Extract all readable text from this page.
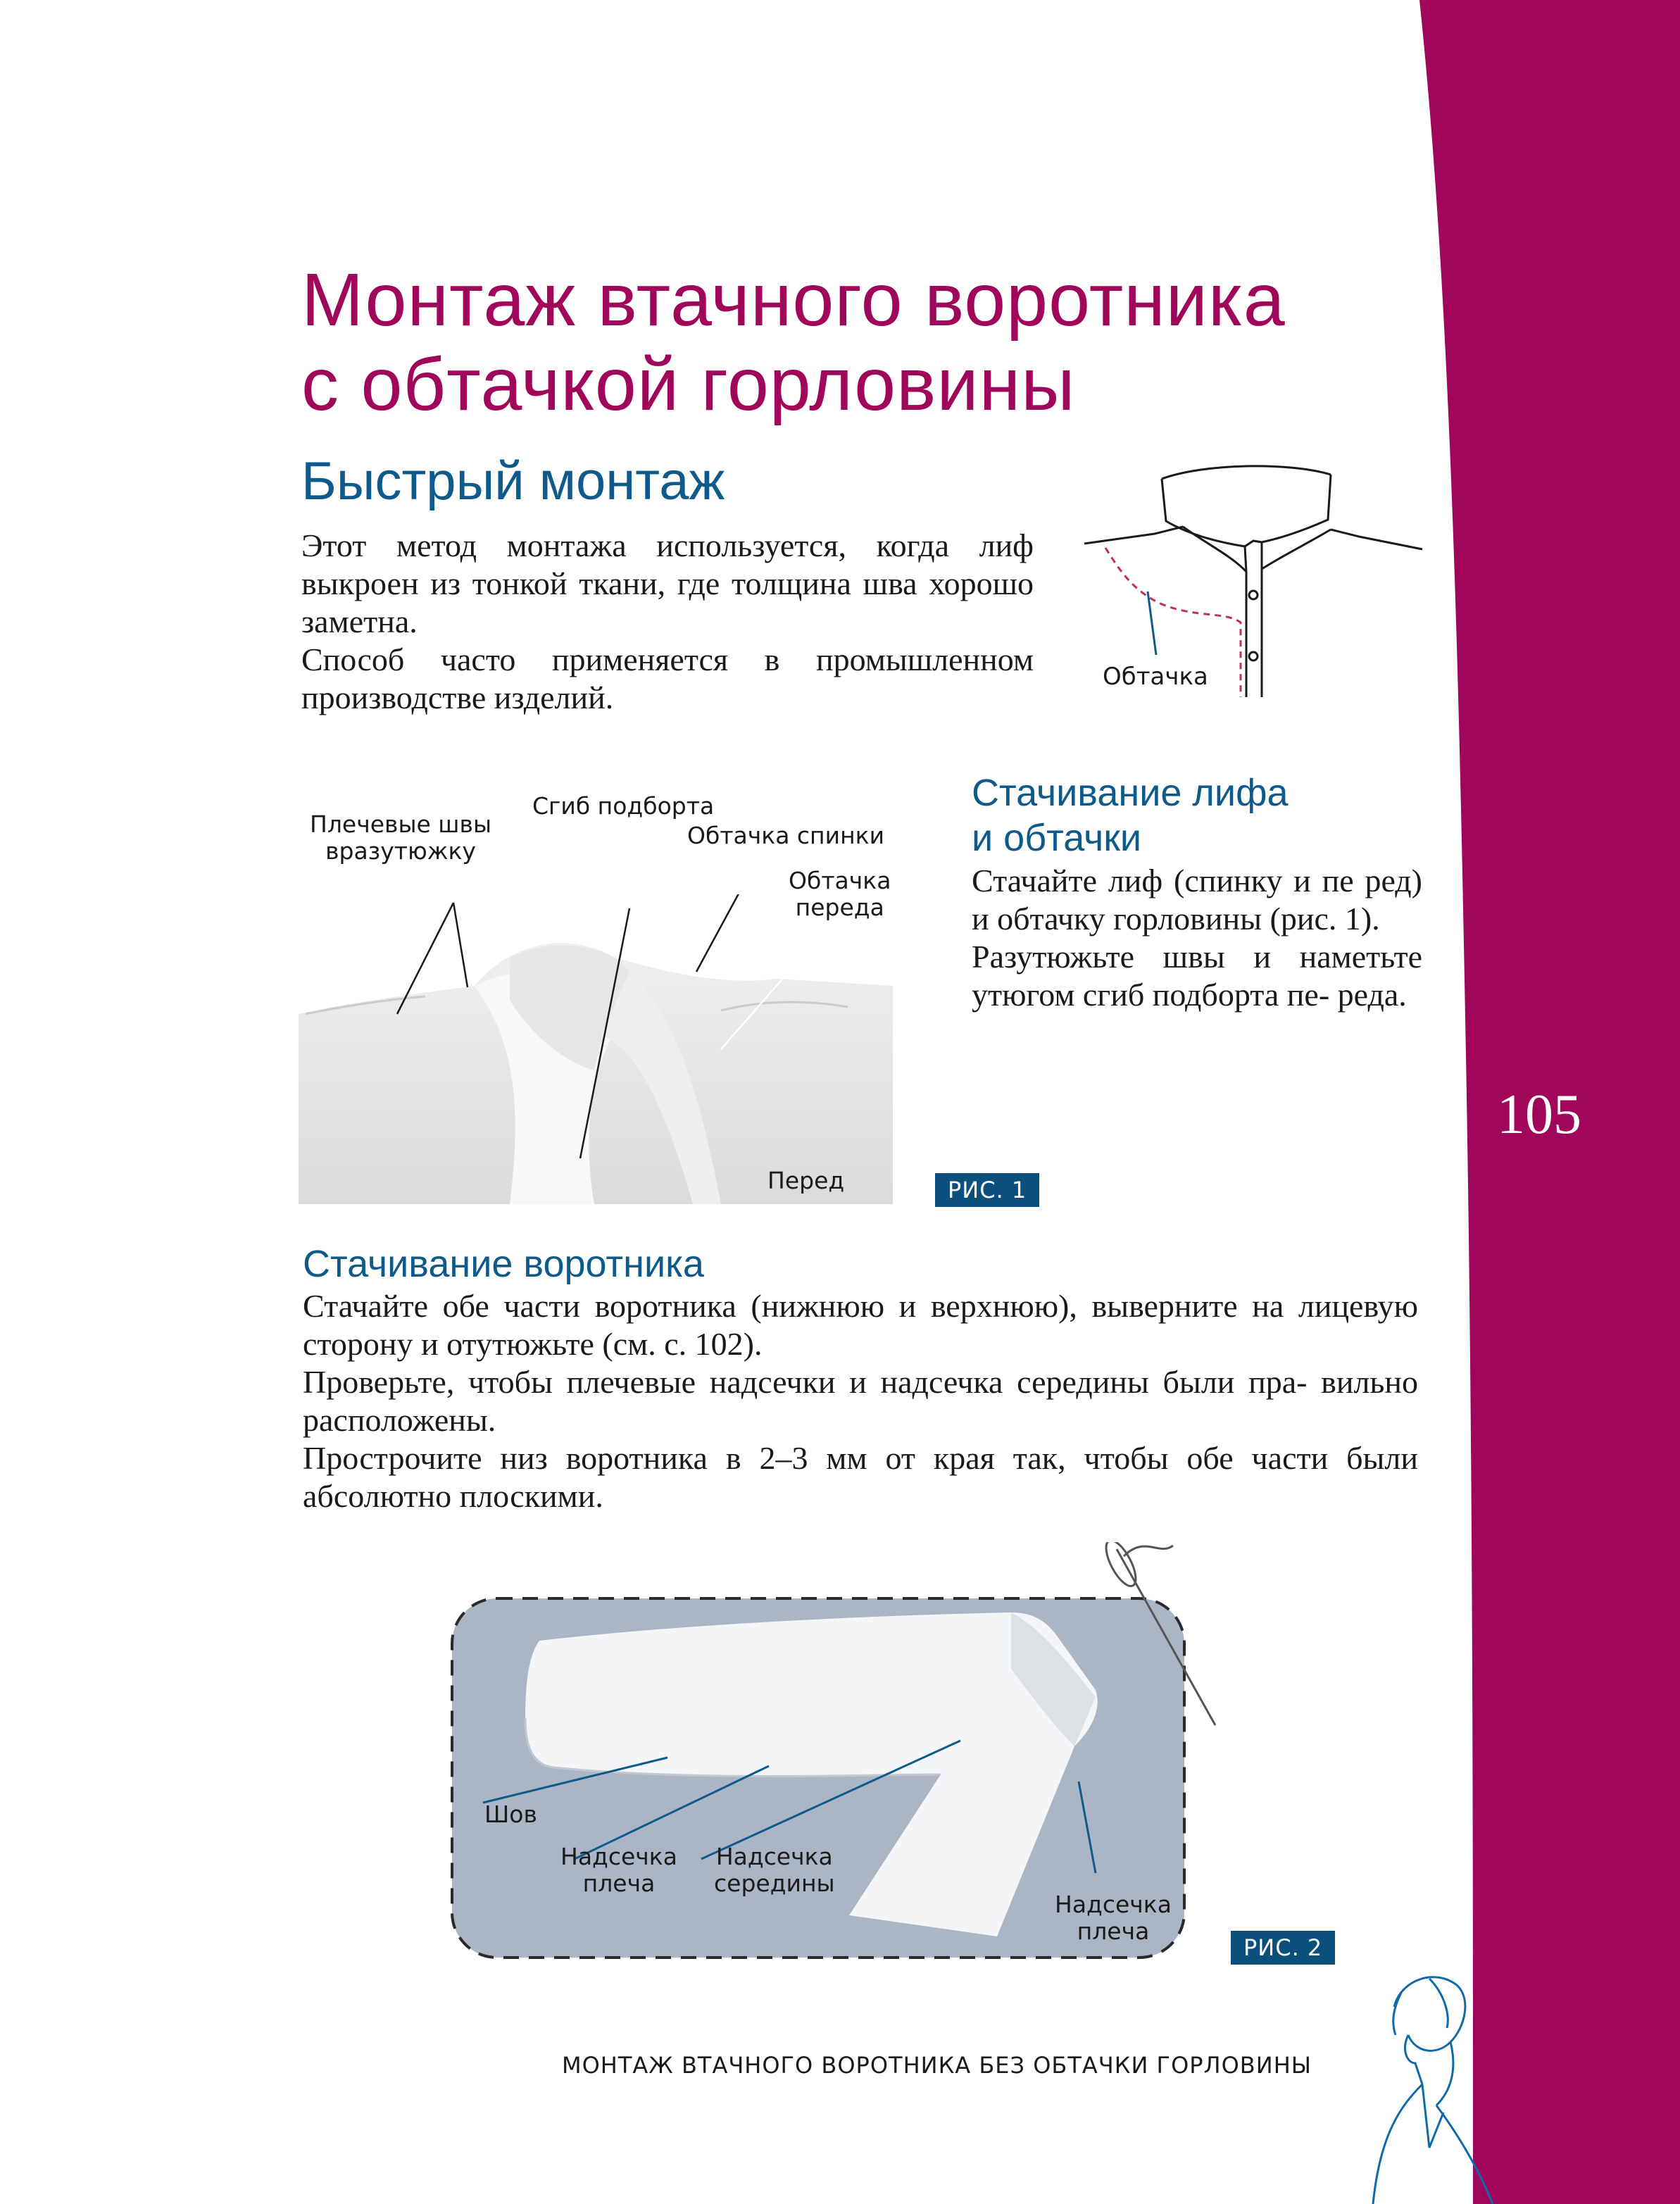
Монтаж втачного воротника
с обтачкой горловины
Быстрый монтаж

Этот метод монтажа используется, когда лиф выкроен из тонкой ткани, где толщина шва хорошо заметна.

Способ часто применяется в промышленном производстве изделий.

Обтачка
Плечевые швы
вразутюжку
Сгиб подборта
Обтачка спинки
Обтачка
переда
Перед	РИС. 1
Стачивание лифа
и обтачки

Стачайте лиф (спинку и пе ред) и обтачку горловины (рис. 1).

Разутюжьте швы и наметьте утюгом сгиб подборта пе- реда.

Стачивание воротника

Стачайте обе части воротника (нижнюю и верхнюю), выверните на лицевую сторону и отутюжьте (см. с. 102).

Проверьте, чтобы плечевые надсечки и надсечка середины были пра- вильно расположены.

Прострочите низ воротника в 2–3 мм от края так, чтобы обе части были абсолютно плоскими.

Шов
Надсечка
плеча
Надсечка
середины
Надсечка
плеча
РИС. 2
105
МОНТАЖ ВТАЧНОГО ВОРОТНИКА БЕЗ ОБТАЧКИ ГОРЛОВИНЫ
